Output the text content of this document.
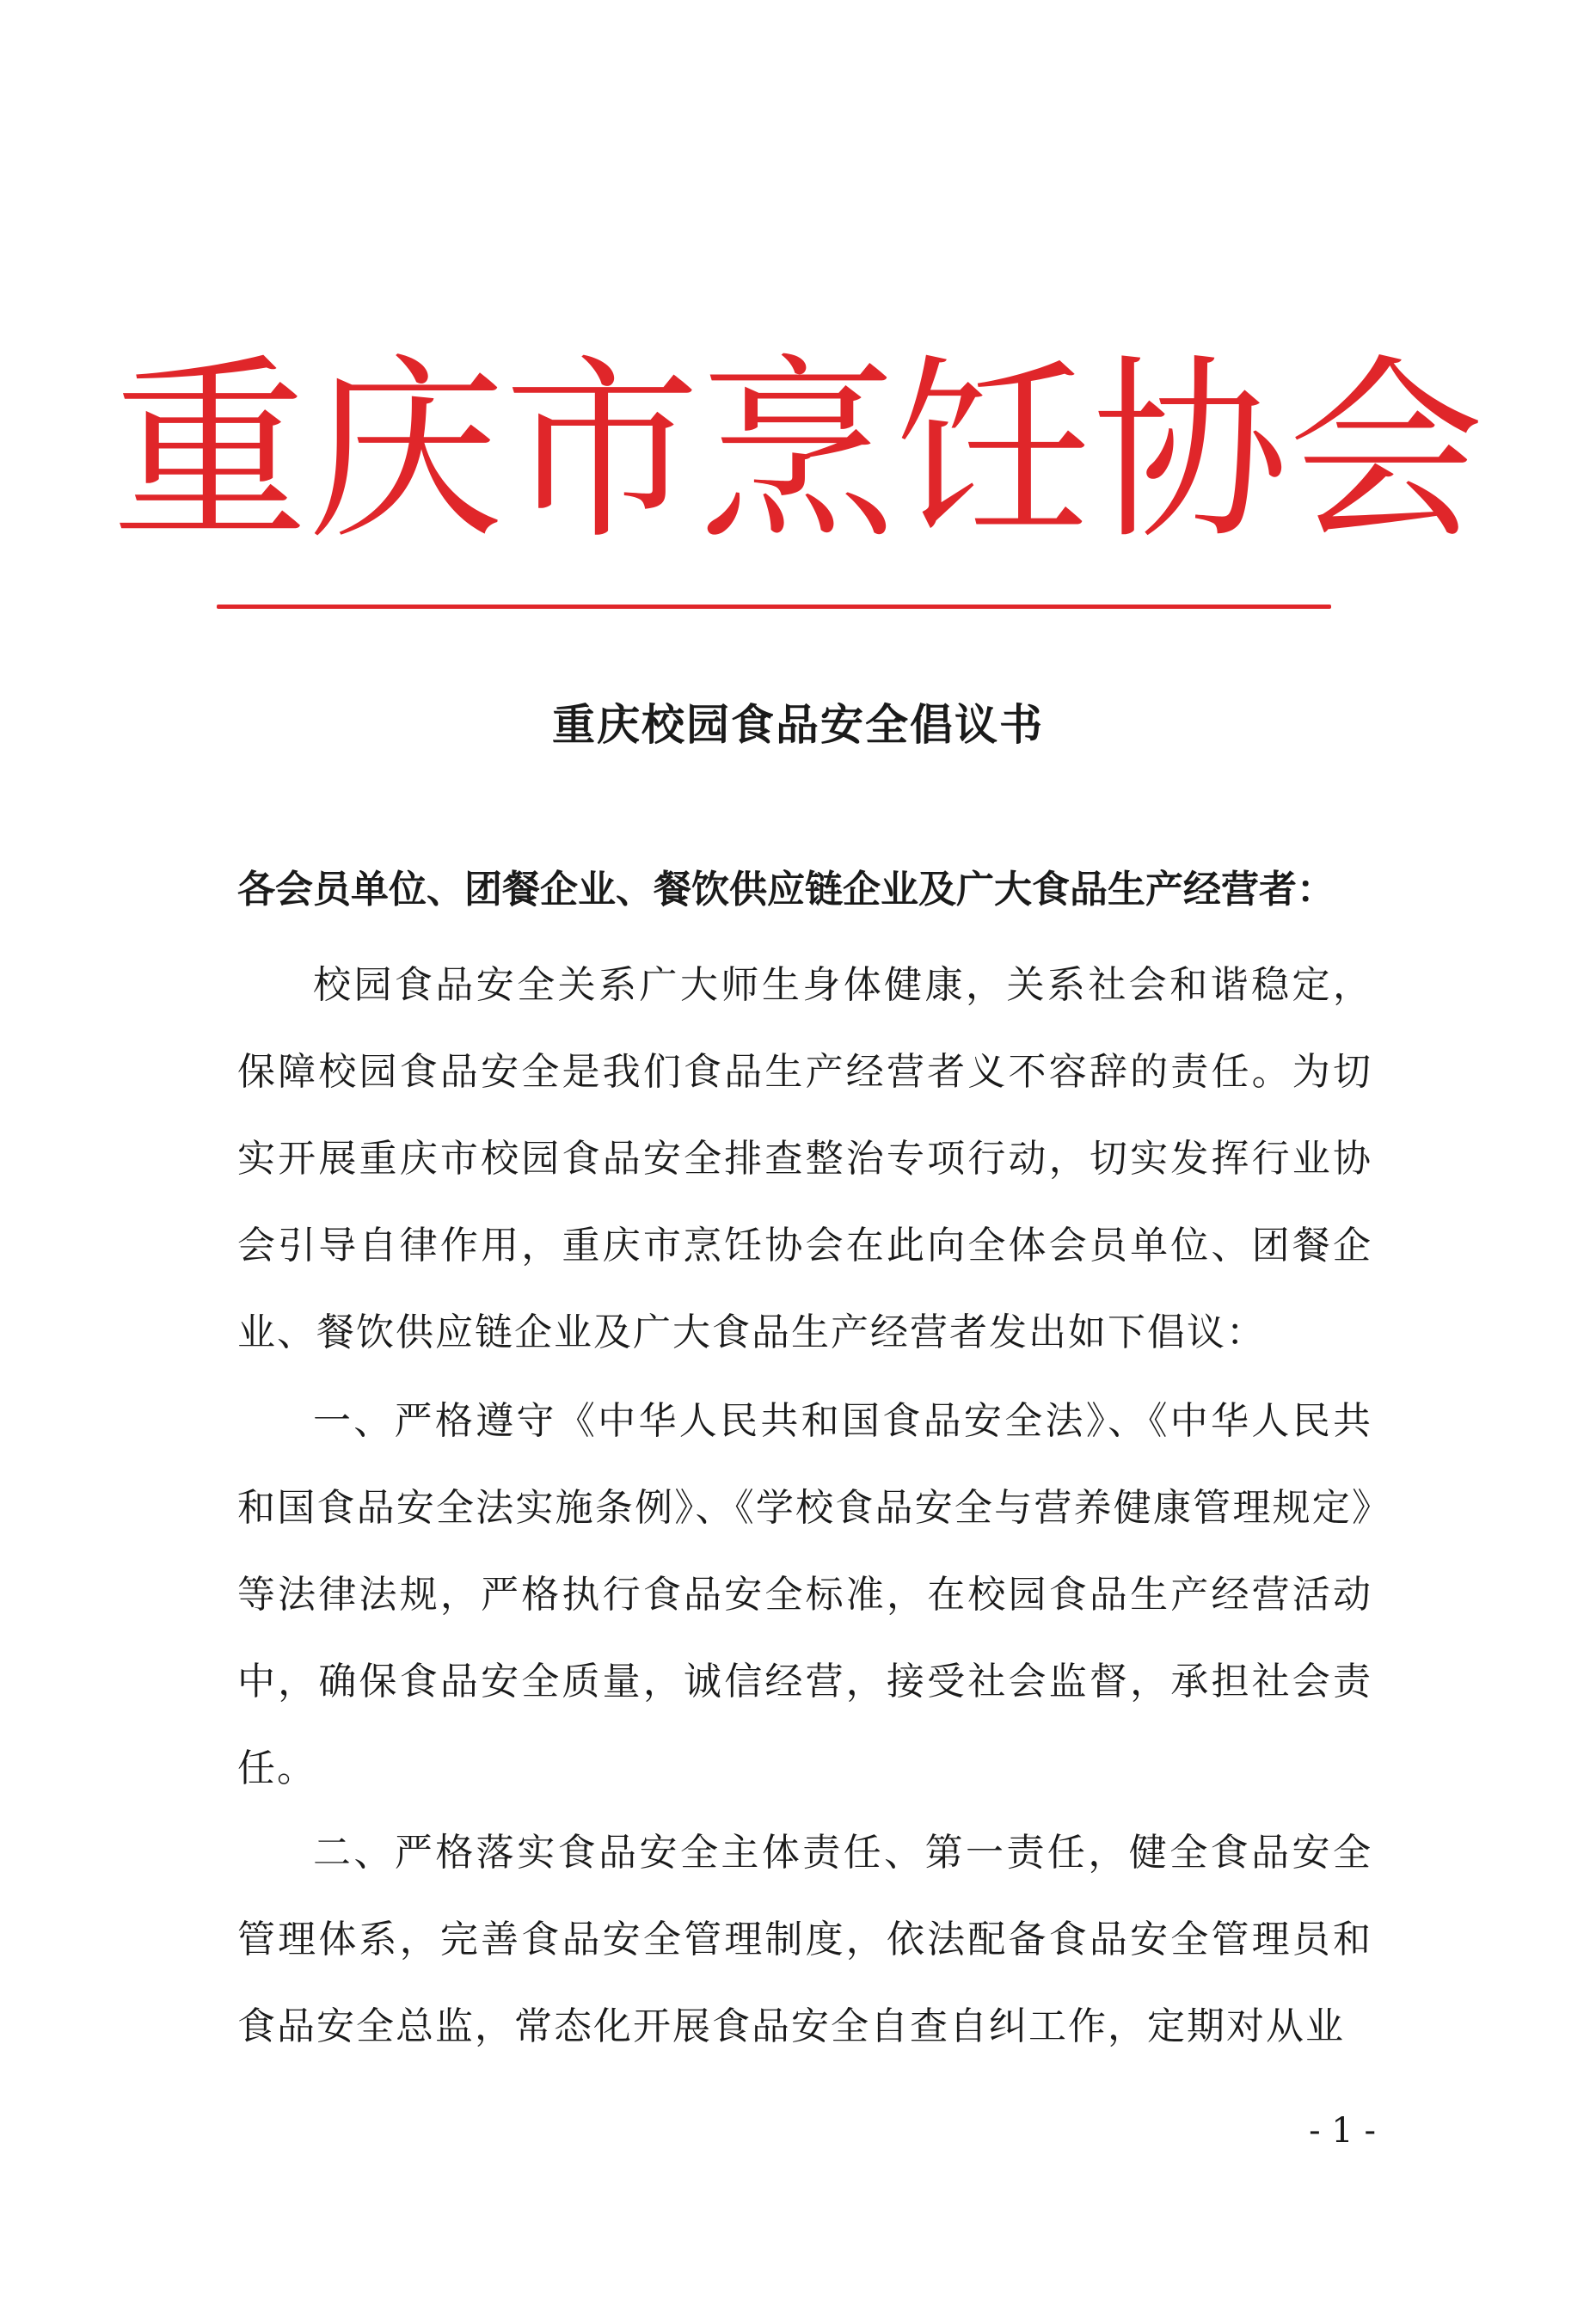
重庆市烹饪协会
重庆校园食品安全倡议书
各会员单位、团餐企业、餐饮供应链企业及广大食品生产经营者：

校园食品安全关系广大师生身体健康，关系社会和谐稳定，保障校园食品安全是我们食品生产经营者义不容辞的责任。为切实开展重庆市校园食品安全排查整治专项行动，切实发挥行业协会引导自律作用，重庆市烹饪协会在此向全体会员单位、团餐企业、餐饮供应链企业及广大食品生产经营者发出如下倡议：

一、严格遵守《中华人民共和国食品安全法》、《中华人民共和国食品安全法实施条例》、《学校食品安全与营养健康管理规定》等法律法规，严格执行食品安全标准，在校园食品生产经营活动中，确保食品安全质量，诚信经营，接受社会监督，承担社会责任。

二、严格落实食品安全主体责任、第一责任，健全食品安全管理体系，完善食品安全管理制度，依法配备食品安全管理员和食品安全总监，常态化开展食品安全自查自纠工作，定期对从业

- 1 -
